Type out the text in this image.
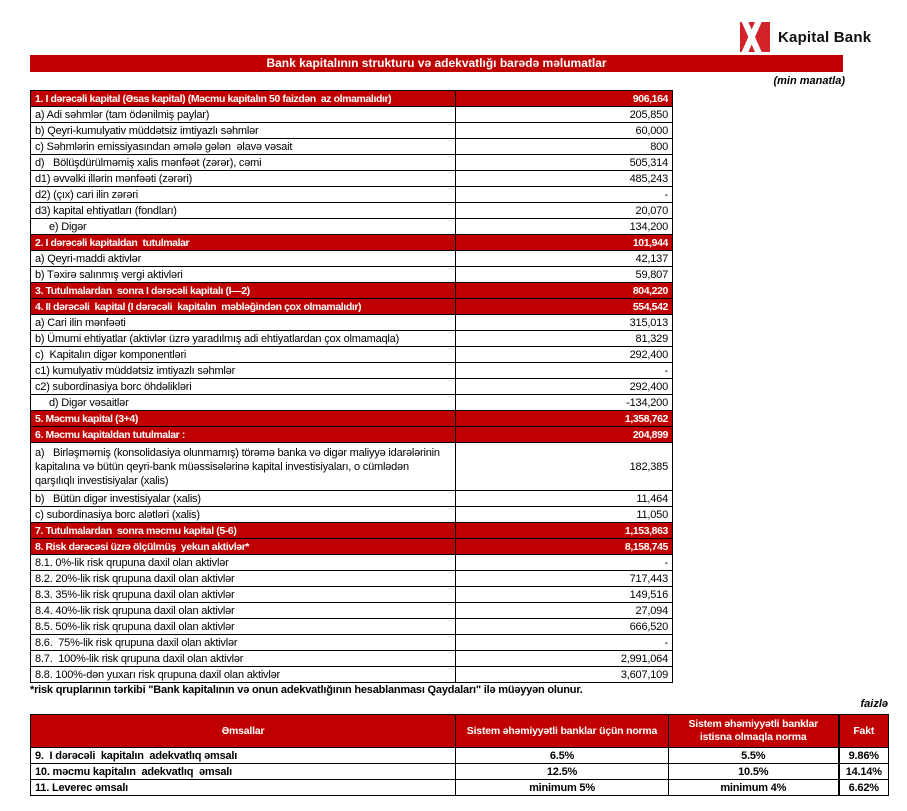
Kapital Bank
Bank kapitalının strukturu və adekvatlığı barədə məlumatlar
(min manatla)
1. I dərəcəli kapital (Əsas kapital) (Məcmu kapitalın 50 faizdən  az olmamalıdır)	906,164
a) Adi səhmlər (tam ödənilmiş paylar)	205,850
b) Qeyri-kumulyativ müddətsiz imtiyazlı səhmlər	60,000
c) Səhmlərin emissiyasından əmələ gələn  əlavə vəsait	800
d)   Bölüşdürülməmiş xalis mənfəət (zərər), cəmi	505,314
d1) əvvəlki illərin mənfəəti (zərəri)	485,243
d2) (çıx) cari ilin zərəri	-
d3) kapital ehtiyatları (fondları)	20,070
e) Digər	134,200
2. I dərəcəli kapitaldan  tutulmalar	101,944
a) Qeyri-maddi aktivlər	42,137
b) Təxirə salınmış vergi aktivləri	59,807
3. Tutulmalardan  sonra I dərəcəli kapitalı (I—2)	804,220
4. II dərəcəli  kapital (I dərəcəli  kapitalın  məbləğindən çox olmamalıdır)	554,542
a) Cari ilin mənfəəti	315,013
b) Ümumi ehtiyatlar (aktivlər üzrə yaradılmış adi ehtiyatlardan çox olmamaqla)	81,329
c)  Kapitalın digər komponentləri	292,400
c1) kumulyativ müddətsiz imtiyazlı səhmlər	-
c2) subordinasiya borc öhdəlikləri	292,400
d) Digər vəsaitlər	-134,200
5. Məcmu kapital (3+4)	1,358,762
6. Məcmu kapitaldan tutulmalar :	204,899
a)   Birləşməmiş (konsolidasiya olunmamış) törəmə banka və digər maliyyə idarələrinin kapitalına və bütün qeyri-bank müəssisələrinə kapital investisiyaları, o cümlədən qarşılıqlı investisiyalar (xalis)	182,385
b)   Bütün digər investisiyalar (xalis)	11,464
c) subordinasiya borc alətləri (xalis)	11,050
7. Tutulmalardan  sonra məcmu kapital (5-6)	1,153,863
8. Risk dərəcəsi üzrə ölçülmüş  yekun aktivlər*	8,158,745
8.1. 0%-lik risk qrupuna daxil olan aktivlər	-
8.2. 20%-lik risk qrupuna daxil olan aktivlər	717,443
8.3. 35%-lik risk qrupuna daxil olan aktivlər	149,516
8.4. 40%-lik risk qrupuna daxil olan aktivlər	27,094
8.5. 50%-lik risk qrupuna daxil olan aktivlər	666,520
8.6.  75%-lik risk qrupuna daxil olan aktivlər	-
8.7.  100%-lik risk qrupuna daxil olan aktivlər	2,991,064
8.8. 100%-dən yuxarı risk qrupuna daxil olan aktivlər	3,607,109
*risk qruplarının tərkibi "Bank kapitalının və onun adekvatlığının hesablanması Qaydaları" ilə müəyyən olunur.
faizlə
Əmsallar	Sistem əhəmiyyətli banklar üçün norma	Sistem əhəmiyyətli banklar istisna olmaqla norma	Fakt
9.  I dərəcəli  kapitalın  adekvatlıq əmsalı	6.5%	5.5%	9.86%
10. məcmu kapitalın  adekvatlıq  əmsalı	12.5%	10.5%	14.14%
11. Leverec əmsalı	minimum 5%	minimum 4%	6.62%
